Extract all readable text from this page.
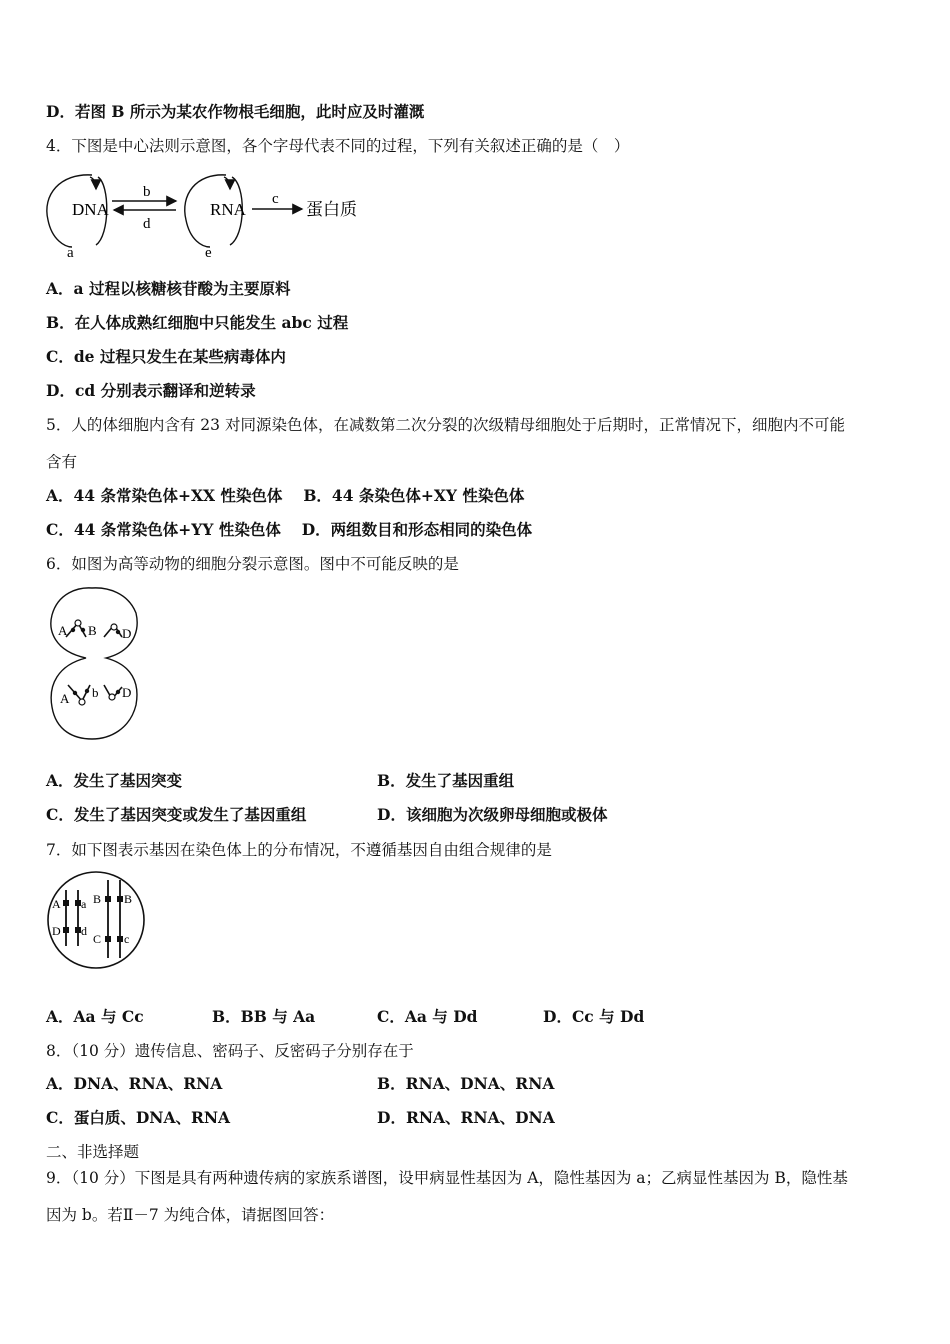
D．若图 B 所示为某农作物根毛细胞，此时应及时灌溉
4．下图是中心法则示意图，各个字母代表不同的过程，下列有关叙述正确的是（　）
DNA
a
b
d
RNA
e
c
蛋白质
A．a 过程以核糖核苷酸为主要原料
B．在人体成熟红细胞中只能发生 abc 过程
C．de 过程只发生在某些病毒体内
D．cd 分别表示翻译和逆转录
5．人的体细胞内含有 23 对同源染色体，在减数第二次分裂的次级精母细胞处于后期时，正常情况下，细胞内不可能
含有
A．44 条常染色体+XX 性染色体　 B．44 条染色体+XY 性染色体
C．44 条常染色体+YY 性染色体　 D．两组数目和形态相同的染色体
6．如图为高等动物的细胞分裂示意图。图中不可能反映的是
A B D
A b D
A．发生了基因突变	B．发生了基因重组
C．发生了基因突变或发生了基因重组	D．该细胞为次级卵母细胞或极体
7．如下图表示基因在染色体上的分布情况，不遵循基因自由组合规律的是
A a
D d
B B
C c
A．Aa 与 Cc	B．BB 与 Aa	C．Aa 与 Dd	D．Cc 与 Dd
8．（10 分）遗传信息、密码子、反密码子分别存在于
A．DNA、RNA、RNA	B．RNA、DNA、RNA
C．蛋白质、DNA、RNA	D．RNA、RNA、DNA
二、非选择题
9．（10 分）下图是具有两种遗传病的家族系谱图，设甲病显性基因为 A，隐性基因为 a；乙病显性基因为 B，隐性基
因为 b。若Ⅱ－7 为纯合体，请据图回答：
